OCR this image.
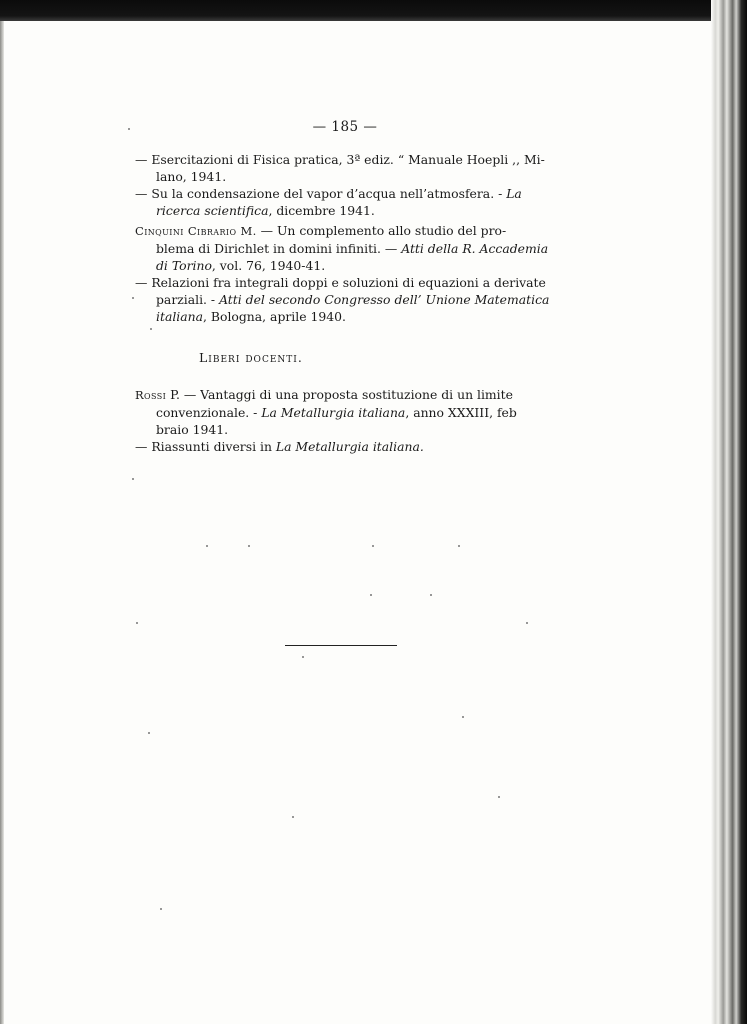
— 185 —
— Esercitazioni di Fisica pratica, 3ª ediz. “ Manuale Hoepli ,, Mi-
lano, 1941.
— Su la condensazione del vapor d’acqua nell’atmosfera. - La
ricerca scientifica, dicembre 1941.
Cinquini Cibrario M. — Un complemento allo studio del pro-
blema di Dirichlet in domini infiniti. — Atti della R. Accademia
di Torino, vol. 76, 1940-41.
— Relazioni fra integrali doppi e soluzioni di equazioni a derivate
parziali. - Atti del secondo Congresso dell’ Unione Matematica
italiana, Bologna, aprile 1940.
Liberi docenti.
Rossi P. — Vantaggi di una proposta sostituzione di un limite
convenzionale. - La Metallurgia italiana, anno XXXIII, feb
braio 1941.
— Riassunti diversi in La Metallurgia italiana.
